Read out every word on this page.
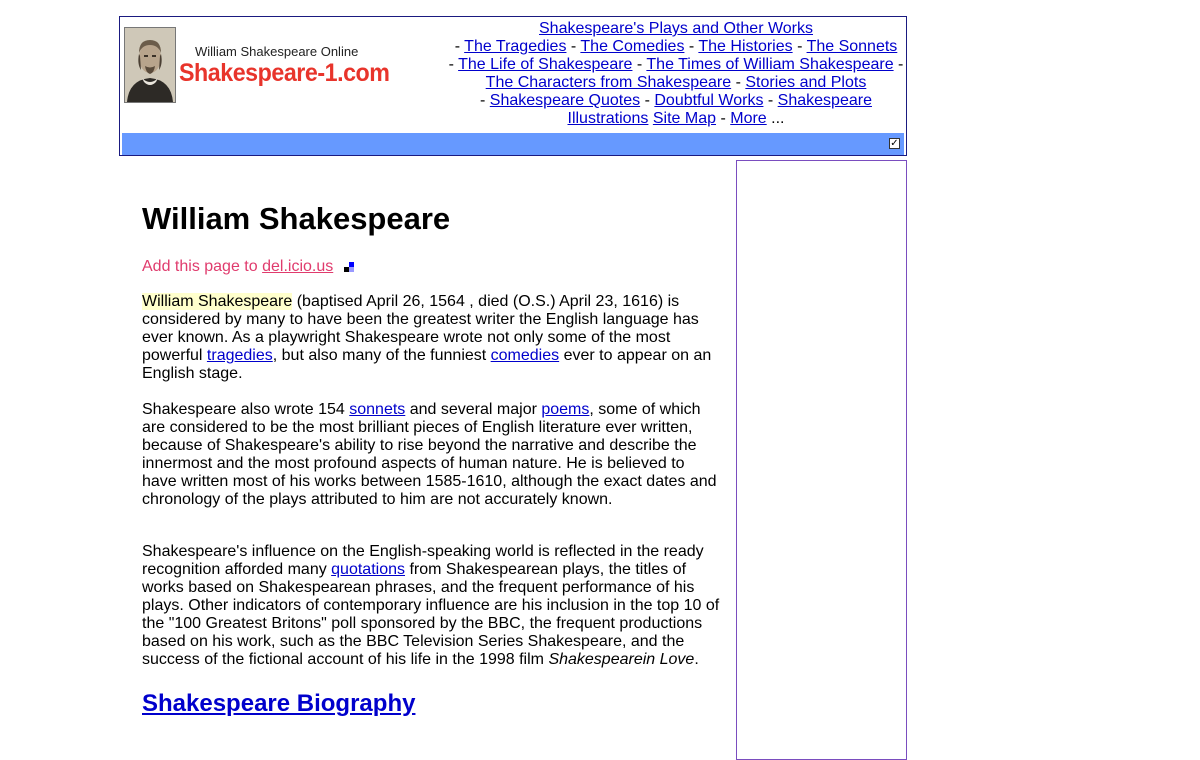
William Shakespeare Online
Shakespeare-1.com
Shakespeare's Plays and Other Works
- The Tragedies - The Comedies - The Histories - The Sonnets
- The Life of Shakespeare - The Times of William Shakespeare -
The Characters from Shakespeare - Stories and Plots
- Shakespeare Quotes - Doubtful Works - Shakespeare Illustrations Site Map - More ...
✓
William Shakespeare
Add this page to del.icio.us

William Shakespeare (baptised April 26, 1564 , died (O.S.) April 23, 1616) is considered by many to have been the greatest writer the English language has ever known. As a playwright Shakespeare wrote not only some of the most powerful tragedies, but also many of the funniest comedies ever to appear on an English stage.

Shakespeare also wrote 154 sonnets and several major poems, some of which are considered to be the most brilliant pieces of English literature ever written, because of Shakespeare's ability to rise beyond the narrative and describe the innermost and the most profound aspects of human nature. He is believed to have written most of his works between 1585-1610, although the exact dates and chronology of the plays attributed to him are not accurately known.

Shakespeare's influence on the English-speaking world is reflected in the ready recognition afforded many quotations from Shakespearean plays, the titles of works based on Shakespearean phrases, and the frequent performance of his plays. Other indicators of contemporary influence are his inclusion in the top 10 of the "100 Greatest Britons" poll sponsored by the BBC, the frequent productions based on his work, such as the BBC Television Series Shakespeare, and the success of the fictional account of his life in the 1998 film Shakespearein Love.

Shakespeare Biography
